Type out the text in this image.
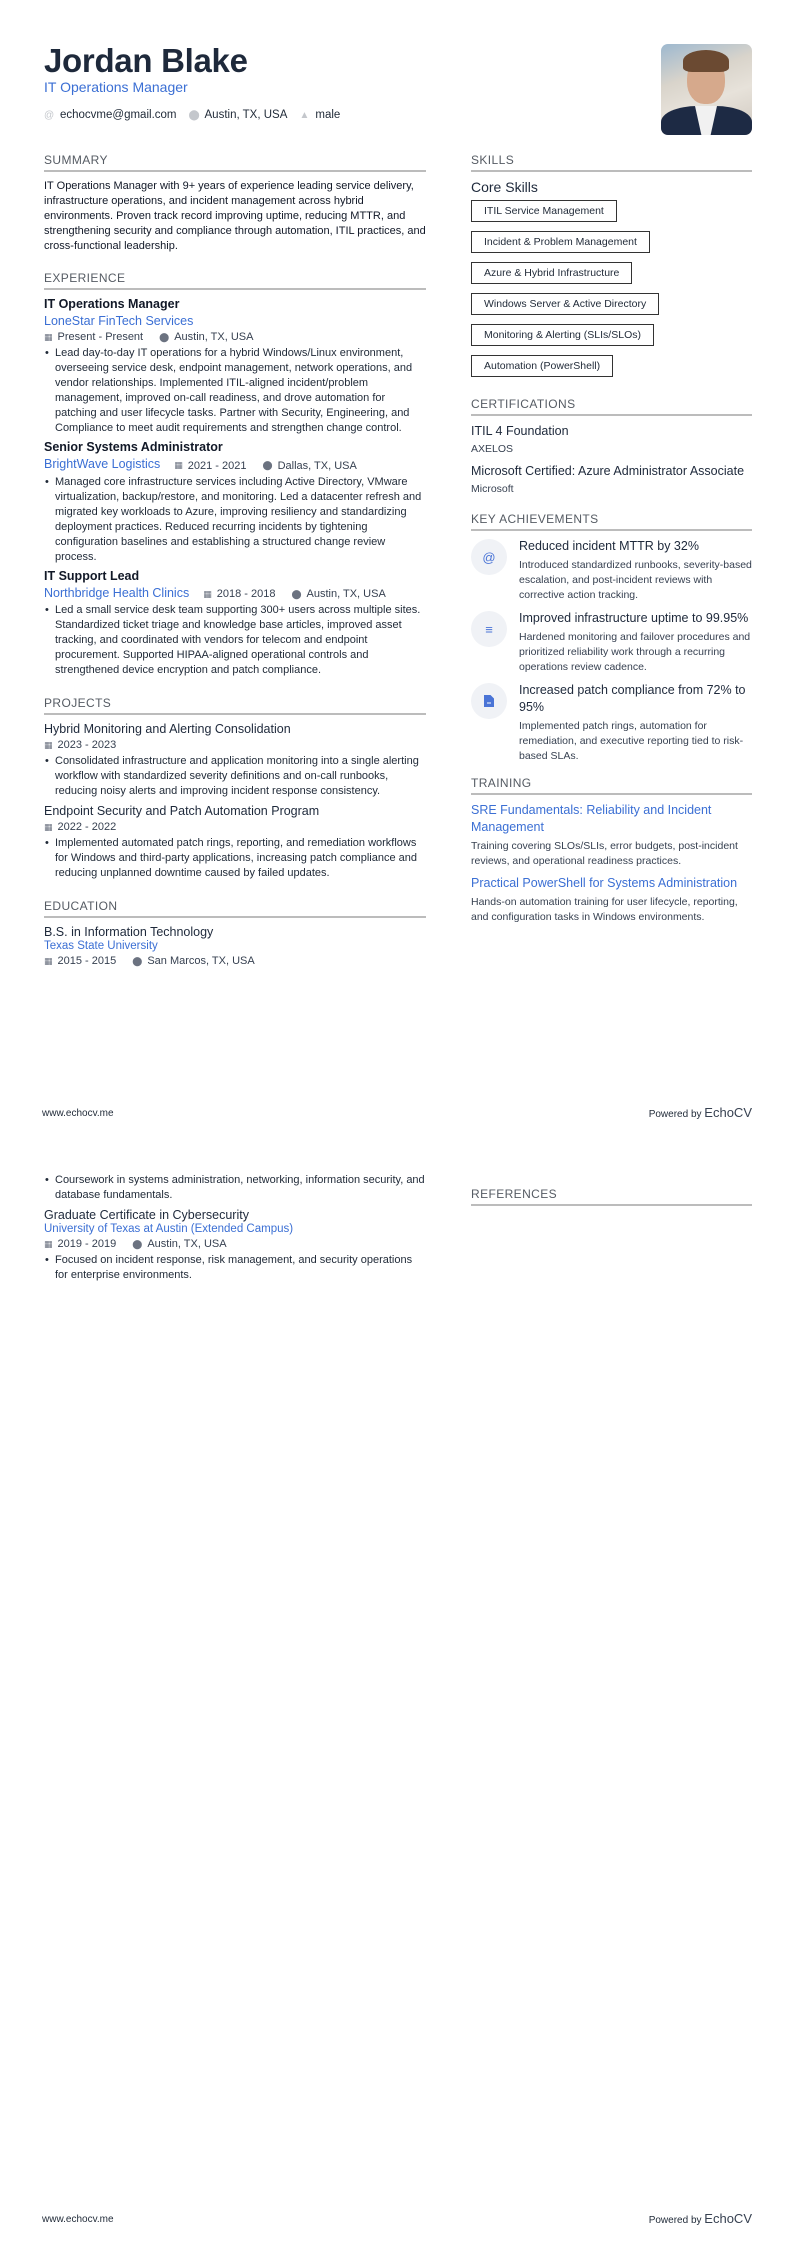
Jordan Blake
IT Operations Manager
@ echocvme@gmail.com ⬤ Austin, TX, USA ▲ male
SUMMARY
IT Operations Manager with 9+ years of experience leading service delivery, infrastructure operations, and incident management across hybrid environments. Proven track record improving uptime, reducing MTTR, and strengthening security and compliance through automation, ITIL practices, and cross-functional leadership.
EXPERIENCE
IT Operations Manager
LoneStar FinTech Services
▦ Present - Present ⬤ Austin, TX, USA
• Lead day-to-day IT operations for a hybrid Windows/Linux environment, overseeing service desk, endpoint management, network operations, and vendor relationships. Implemented ITIL-aligned incident/problem management, improved on-call readiness, and drove automation for patching and user lifecycle tasks. Partner with Security, Engineering, and Compliance to meet audit requirements and strengthen change control.
Senior Systems Administrator
BrightWave Logistics ▦ 2021 - 2021 ⬤ Dallas, TX, USA
• Managed core infrastructure services including Active Directory, VMware virtualization, backup/restore, and monitoring. Led a datacenter refresh and migrated key workloads to Azure, improving resiliency and standardizing deployment practices. Reduced recurring incidents by tightening configuration baselines and establishing a structured change review process.
IT Support Lead
Northbridge Health Clinics ▦ 2018 - 2018 ⬤ Austin, TX, USA
• Led a small service desk team supporting 300+ users across multiple sites. Standardized ticket triage and knowledge base articles, improved asset tracking, and coordinated with vendors for telecom and endpoint procurement. Supported HIPAA-aligned operational controls and strengthened device encryption and patch compliance.
PROJECTS
Hybrid Monitoring and Alerting Consolidation
▦ 2023 - 2023
• Consolidated infrastructure and application monitoring into a single alerting workflow with standardized severity definitions and on-call runbooks, reducing noisy alerts and improving incident response consistency.
Endpoint Security and Patch Automation Program
▦ 2022 - 2022
• Implemented automated patch rings, reporting, and remediation workflows for Windows and third-party applications, increasing patch compliance and reducing unplanned downtime caused by failed updates.
EDUCATION
B.S. in Information Technology
Texas State University
▦ 2015 - 2015 ⬤ San Marcos, TX, USA
SKILLS
Core Skills
ITIL Service Management
Incident & Problem Management
Azure & Hybrid Infrastructure
Windows Server & Active Directory
Monitoring & Alerting (SLIs/SLOs)
Automation (PowerShell)
CERTIFICATIONS
ITIL 4 Foundation
AXELOS
Microsoft Certified: Azure Administrator Associate
Microsoft
KEY ACHIEVEMENTS
@
Reduced incident MTTR by 32%
Introduced standardized runbooks, severity-based escalation, and post-incident reviews with corrective action tracking.
≡
Improved infrastructure uptime to 99.95%
Hardened monitoring and failover procedures and prioritized reliability work through a recurring operations review cadence.
Increased patch compliance from 72% to 95%
Implemented patch rings, automation for remediation, and executive reporting tied to risk-based SLAs.
TRAINING
SRE Fundamentals: Reliability and Incident Management
Training covering SLOs/SLIs, error budgets, post-incident reviews, and operational readiness practices.
Practical PowerShell for Systems Administration
Hands-on automation training for user lifecycle, reporting, and configuration tasks in Windows environments.
www.echocv.me	Powered by EchoCV
• Coursework in systems administration, networking, information security, and database fundamentals.
Graduate Certificate in Cybersecurity
University of Texas at Austin (Extended Campus)
▦ 2019 - 2019 ⬤ Austin, TX, USA
• Focused on incident response, risk management, and security operations for enterprise environments.
REFERENCES
www.echocv.me	Powered by EchoCV
